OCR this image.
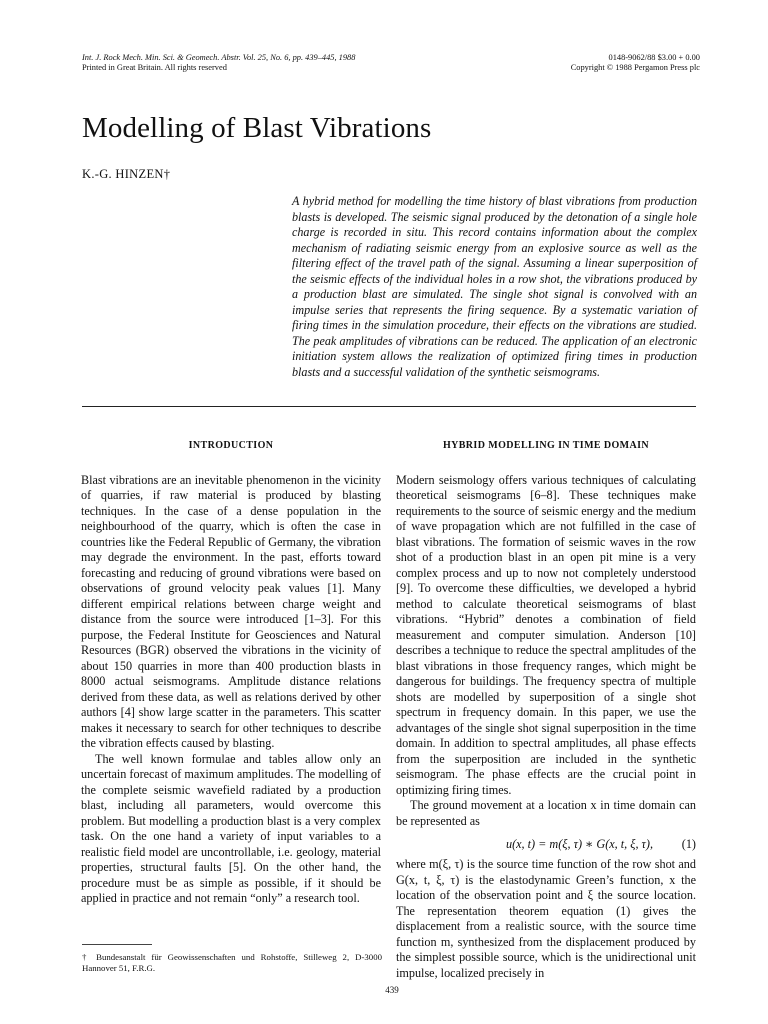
Int. J. Rock Mech. Min. Sci. & Geomech. Abstr. Vol. 25, No. 6, pp. 439–445, 1988
Printed in Great Britain. All rights reserved
0148-9062/88 $3.00 + 0.00
Copyright © 1988 Pergamon Press plc
Modelling of Blast Vibrations
K.-G. HINZEN†

A hybrid method for modelling the time history of blast vibrations from production blasts is developed. The seismic signal produced by the detonation of a single hole charge is recorded in situ. This record contains information about the complex mechanism of radiating seismic energy from an explosive source as well as the filtering effect of the travel path of the signal. Assuming a linear superposition of the seismic effects of the individual holes in a row shot, the vibrations produced by a production blast are simulated. The single shot signal is convolved with an impulse series that represents the firing sequence. By a systematic variation of firing times in the simulation procedure, their effects on the vibrations are studied. The peak amplitudes of vibrations can be reduced. The application of an electronic initiation system allows the realization of optimized firing times in production blasts and a successful validation of the synthetic seismograms.

INTRODUCTION

Blast vibrations are an inevitable phenomenon in the vicinity of quarries, if raw material is produced by blasting techniques. In the case of a dense population in the neighbourhood of the quarry, which is often the case in countries like the Federal Republic of Germany, the vibration may degrade the environment. In the past, efforts toward forecasting and reducing of ground vibrations were based on observations of ground velocity peak values [1]. Many different empirical relations between charge weight and distance from the source were introduced [1–3]. For this purpose, the Federal Institute for Geosciences and Natural Resources (BGR) observed the vibrations in the vicinity of about 150 quarries in more than 400 production blasts in 8000 actual seismograms. Amplitude distance relations derived from these data, as well as relations derived by other authors [4] show large scatter in the parameters. This scatter makes it necessary to search for other techniques to describe the vibration effects caused by blasting.

The well known formulae and tables allow only an uncertain forecast of maximum amplitudes. The modelling of the complete seismic wavefield radiated by a production blast, including all parameters, would overcome this problem. But modelling a production blast is a very complex task. On the one hand a variety of input variables to a realistic field model are uncontrollable, i.e. geology, material properties, structural faults [5]. On the other hand, the procedure must be as simple as possible, if it should be applied in practice and not remain “only” a research tool.

HYBRID MODELLING IN TIME DOMAIN

Modern seismology offers various techniques of calculating theoretical seismograms [6–8]. These techniques make requirements to the source of seismic energy and the medium of wave propagation which are not fulfilled in the case of blast vibrations. The formation of seismic waves in the row shot of a production blast in an open pit mine is a very complex process and up to now not completely understood [9]. To overcome these difficulties, we developed a hybrid method to calculate theoretical seismograms of blast vibrations. “Hybrid” denotes a combination of field measurement and computer simulation. Anderson [10] describes a technique to reduce the spectral amplitudes of the blast vibrations in those frequency ranges, which might be dangerous for buildings. The frequency spectra of multiple shots are modelled by superposition of a single shot spectrum in frequency domain. In this paper, we use the advantages of the single shot signal superposition in the time domain. In addition to spectral amplitudes, all phase effects from the superposition are included in the synthetic seismogram. The phase effects are the crucial point in optimizing firing times.

The ground movement at a location x in time domain can be represented as

u(x, t) = m(ξ, τ) ∗ G(x, t, ξ, τ), (1)

where m(ξ, τ) is the source time function of the row shot and G(x, t, ξ, τ) is the elastodynamic Green’s function, x the location of the observation point and ξ the source location. The representation theorem equation (1) gives the displacement from a realistic source, with the source time function m, synthesized from the displacement produced by the simplest possible source, which is the unidirectional unit impulse, localized precisely in

† Bundesanstalt für Geowissenschaften und Rohstoffe, Stilleweg 2, D-3000 Hannover 51, F.R.G.
439
